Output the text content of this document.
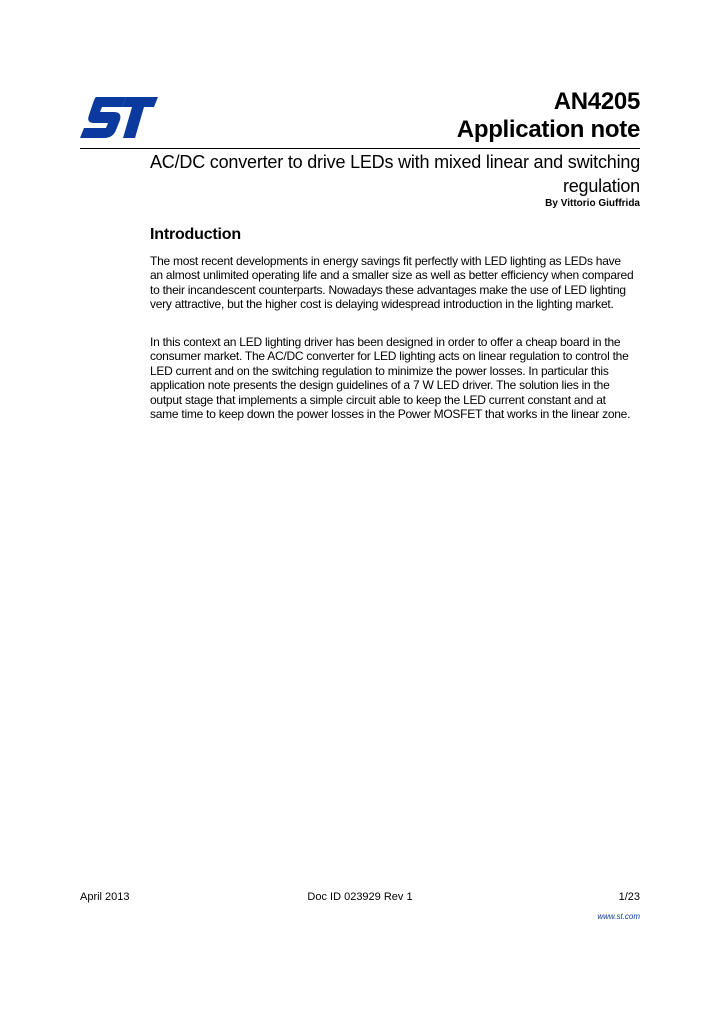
AN4205
Application note
AC/DC converter to drive LEDs with mixed linear and switching regulation
By Vittorio Giuffrida
Introduction

The most recent developments in energy savings fit perfectly with LED lighting as LEDs have an almost unlimited operating life and a smaller size as well as better efficiency when compared to their incandescent counterparts. Nowadays these advantages make the use of LED lighting very attractive, but the higher cost is delaying widespread introduction in the lighting market.

In this context an LED lighting driver has been designed in order to offer a cheap board in the consumer market. The AC/DC converter for LED lighting acts on linear regulation to control the LED current and on the switching regulation to minimize the power losses. In particular this application note presents the design guidelines of a 7 W LED driver. The solution lies in the output stage that implements a simple circuit able to keep the LED current constant and at same time to keep down the power losses in the Power MOSFET that works in the linear zone.

April 2013	Doc ID 023929 Rev 1	1/23
www.st.com
